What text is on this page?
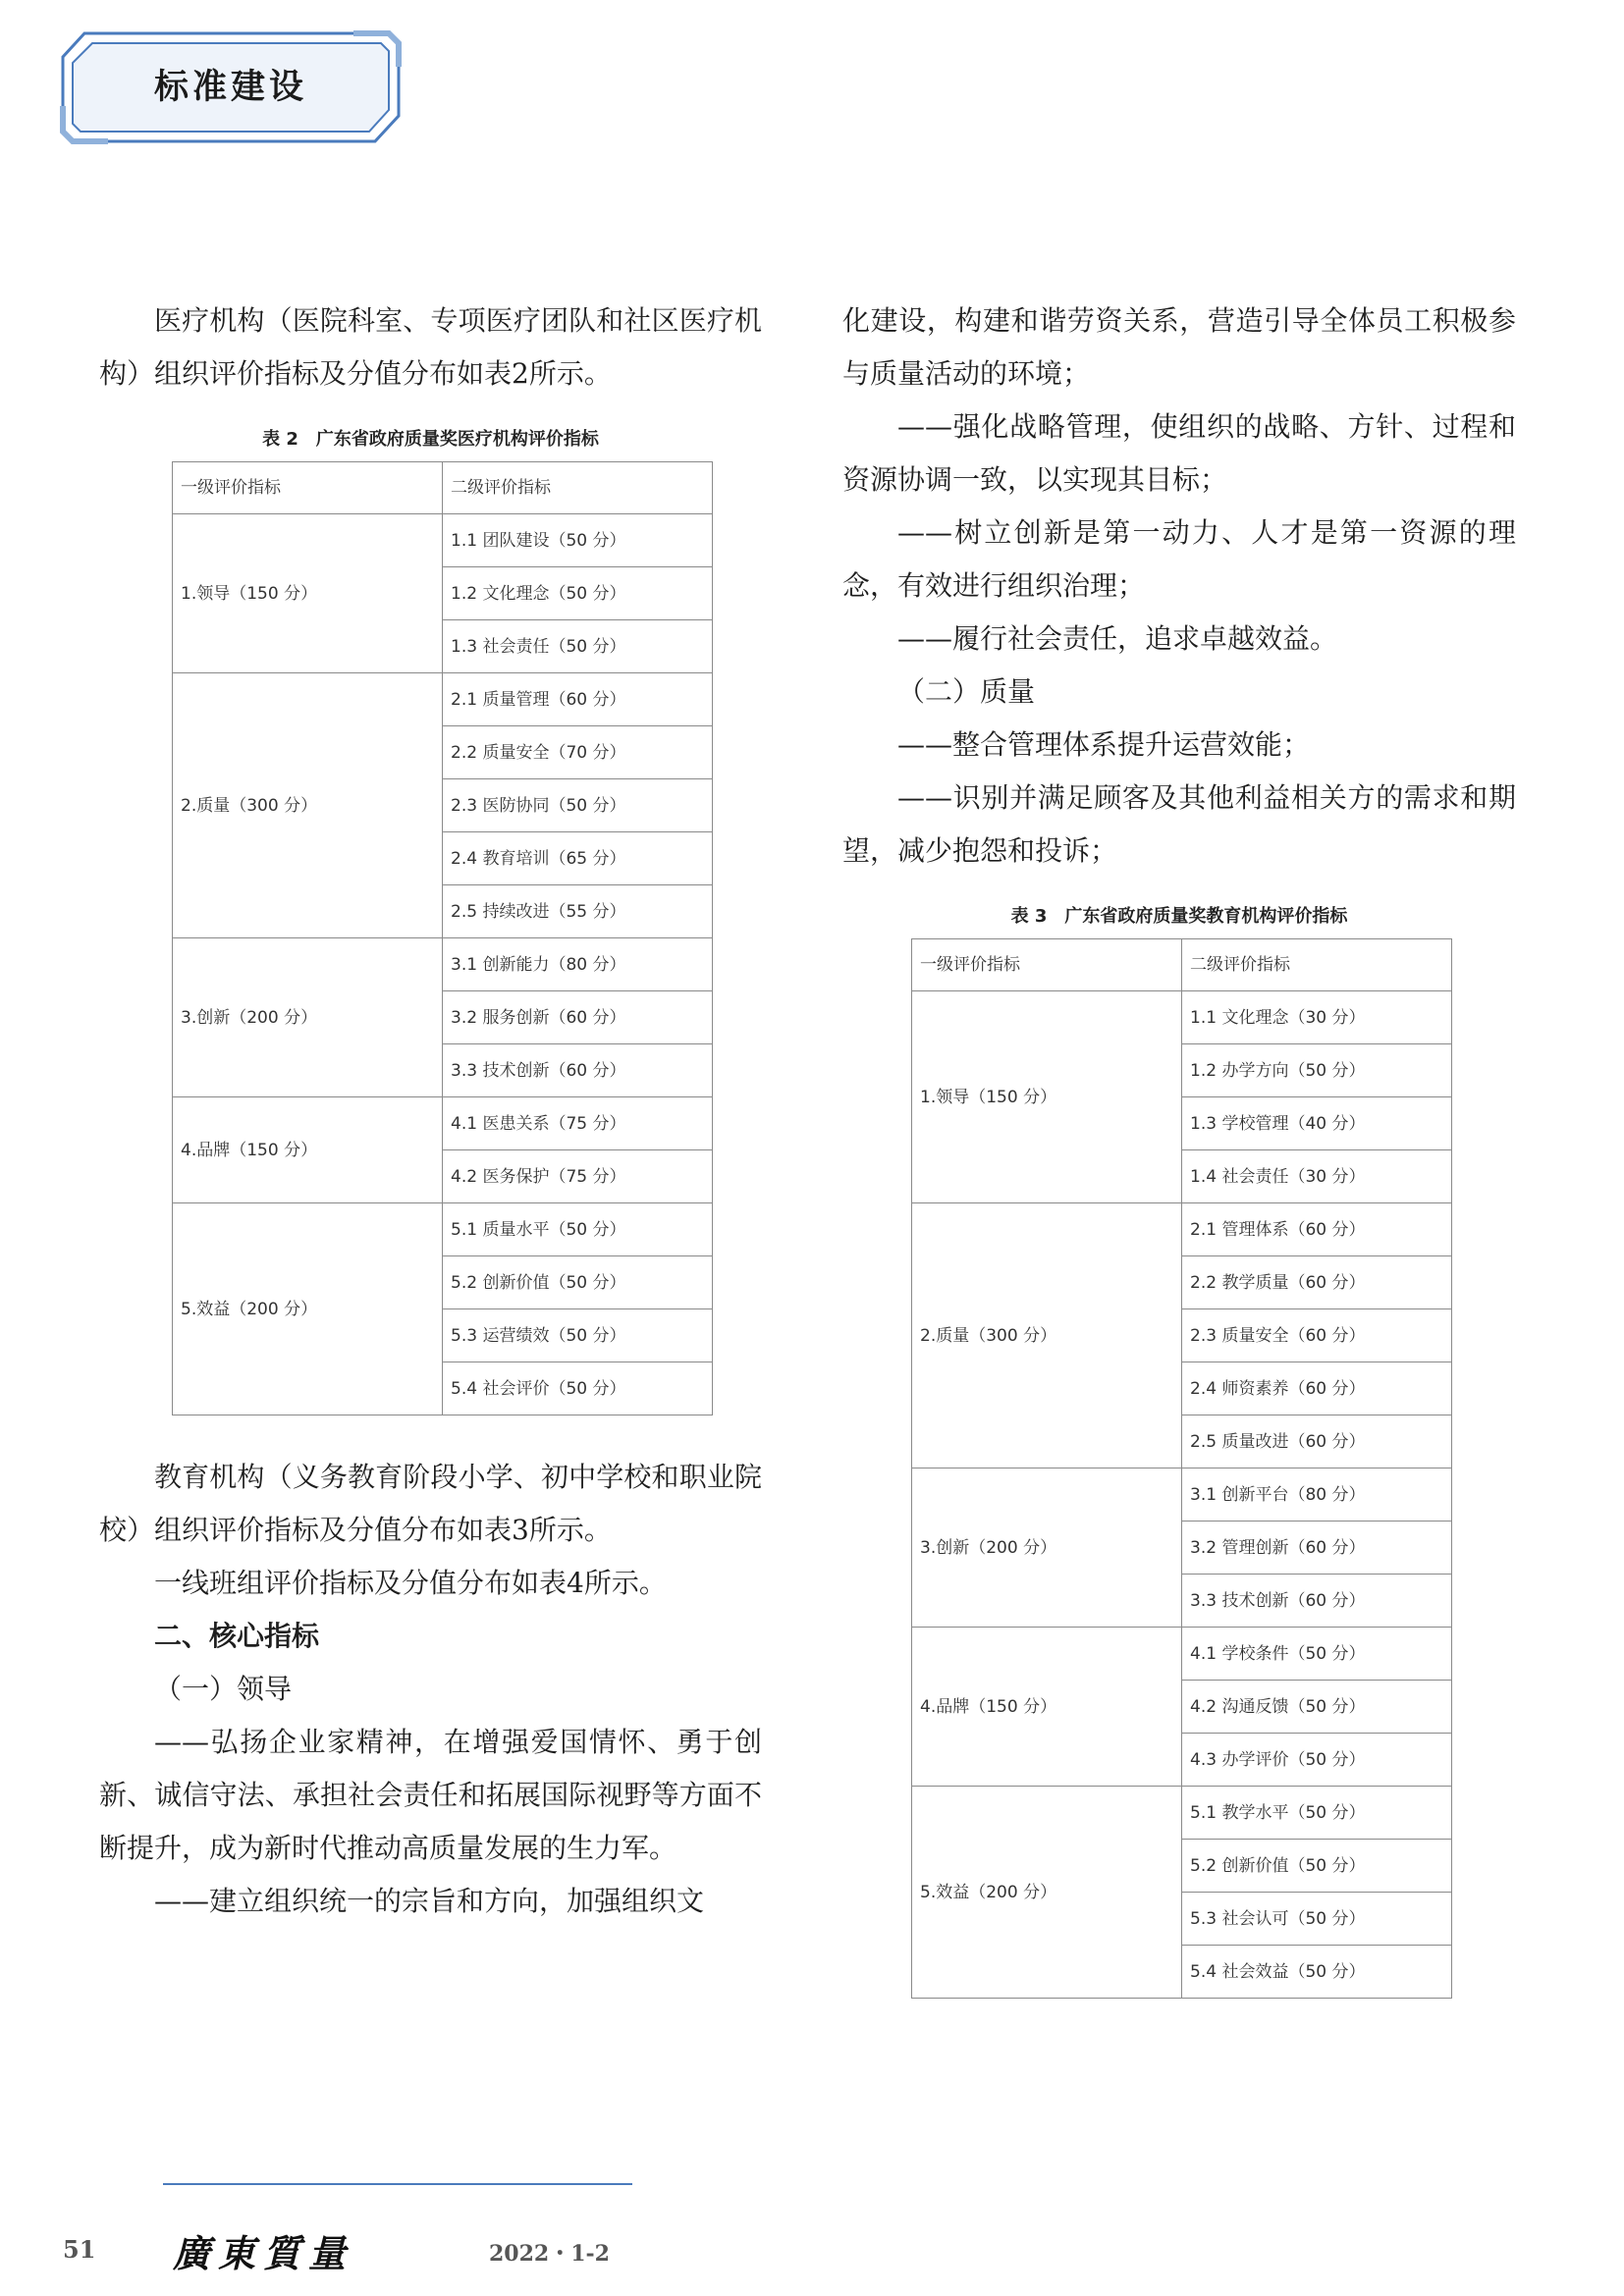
标准建设

医疗机构（医院科室、专项医疗团队和社区医疗机构）组织评价指标及分值分布如表2所示。

表 2　广东省政府质量奖医疗机构评价指标
一级评价指标	二级评价指标
1.领导（150 分）	1.1 团队建设（50 分）
	1.2 文化理念（50 分）
	1.3 社会责任（50 分）
2.质量（300 分）	2.1 质量管理（60 分）
	2.2 质量安全（70 分）
	2.3 医防协同（50 分）
	2.4 教育培训（65 分）
	2.5 持续改进（55 分）
3.创新（200 分）	3.1 创新能力（80 分）
	3.2 服务创新（60 分）
	3.3 技术创新（60 分）
4.品牌（150 分）	4.1 医患关系（75 分）
	4.2 医务保护（75 分）
5.效益（200 分）	5.1 质量水平（50 分）
	5.2 创新价值（50 分）
	5.3 运营绩效（50 分）
	5.4 社会评价（50 分）

教育机构（义务教育阶段小学、初中学校和职业院校）组织评价指标及分值分布如表3所示。

一线班组评价指标及分值分布如表4所示。

二、核心指标

（一）领导

——弘扬企业家精神，在增强爱国情怀、勇于创新、诚信守法、承担社会责任和拓展国际视野等方面不断提升，成为新时代推动高质量发展的生力军。

——建立组织统一的宗旨和方向，加强组织文

化建设，构建和谐劳资关系，营造引导全体员工积极参与质量活动的环境；

——强化战略管理，使组织的战略、方针、过程和资源协调一致，以实现其目标；

——树立创新是第一动力、人才是第一资源的理念，有效进行组织治理；

——履行社会责任，追求卓越效益。

（二）质量

——整合管理体系提升运营效能；

——识别并满足顾客及其他利益相关方的需求和期望，减少抱怨和投诉；

表 3　广东省政府质量奖教育机构评价指标
一级评价指标	二级评价指标
1.领导（150 分）	1.1 文化理念（30 分）
	1.2 办学方向（50 分）
	1.3 学校管理（40 分）
	1.4 社会责任（30 分）
2.质量（300 分）	2.1 管理体系（60 分）
	2.2 教学质量（60 分）
	2.3 质量安全（60 分）
	2.4 师资素养（60 分）
	2.5 质量改进（60 分）
3.创新（200 分）	3.1 创新平台（80 分）
	3.2 管理创新（60 分）
	3.3 技术创新（60 分）
4.品牌（150 分）	4.1 学校条件（50 分）
	4.2 沟通反馈（50 分）
	4.3 办学评价（50 分）
5.效益（200 分）	5.1 教学水平（50 分）
	5.2 创新价值（50 分）
	5.3 社会认可（50 分）
	5.4 社会效益（50 分）
51 廣東質量	2022・1-2
